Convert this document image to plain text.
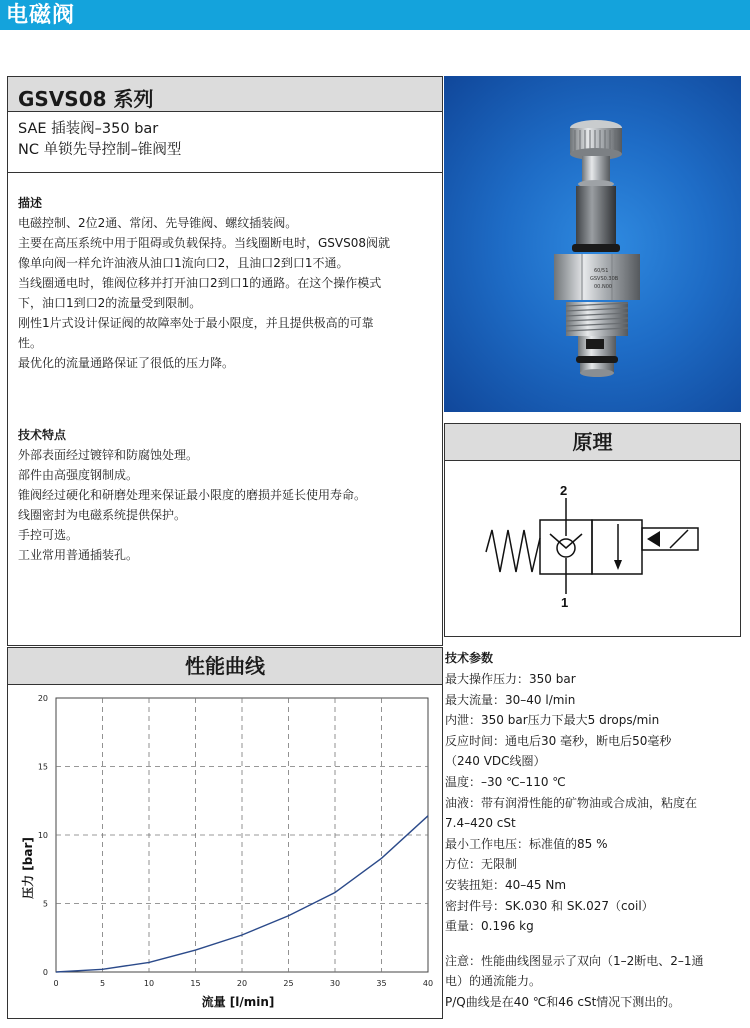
电磁阀
GSVS08 系列
SAE 插装阀–350 bar
NC 单锁先导控制–锥阀型
描述

电磁控制、2位2通、常闭、先导锥阀、螺纹插装阀。

主要在高压系统中用于阻碍或负载保持。当线圈断电时，GSVS08阀就

像单向阀一样允许油液从油口1流向口2，且油口2到口1不通。

当线圈通电时，锥阀位移并打开油口2到口1的通路。在这个操作模式

下，油口1到口2的流量受到限制。

刚性1片式设计保证阀的故障率处于最小限度，并且提供极高的可靠

性。

最优化的流量通路保证了很低的压力降。

技术特点

外部表面经过镀锌和防腐蚀处理。

部件由高强度钢制成。

锥阀经过硬化和研磨处理来保证最小限度的磨损并延长使用寿命。

线圈密封为电磁系统提供保护。

手控可选。

工业常用普通插装孔。

60/51
GSVS0.30B
00.N00
原理
2
1
技术参数
最大操作压力：350 bar
最大流量：30–40 l/min
内泄：350 bar压力下最大5 drops/min
反应时间：通电后30 毫秒，断电后50毫秒
（240 VDC线圈）
温度：–30 ℃–110 ℃
油液：带有润滑性能的矿物油或合成油，粘度在
7.4–420 cSt
最小工作电压：标准值的85 %
方位：无限制
安装扭矩：40–45 Nm
密封件号：SK.030 和 SK.027（coil）
重量：0.196 kg
注意：性能曲线图显示了双向（1–2断电、2–1通
电）的通流能力。
P/Q曲线是在40 ℃和46 cSt情况下测出的。
性能曲线
0	5	10	15	20	25	30	35	40
0
5
10
15
20
压力 [bar]
流量 [l/min]
